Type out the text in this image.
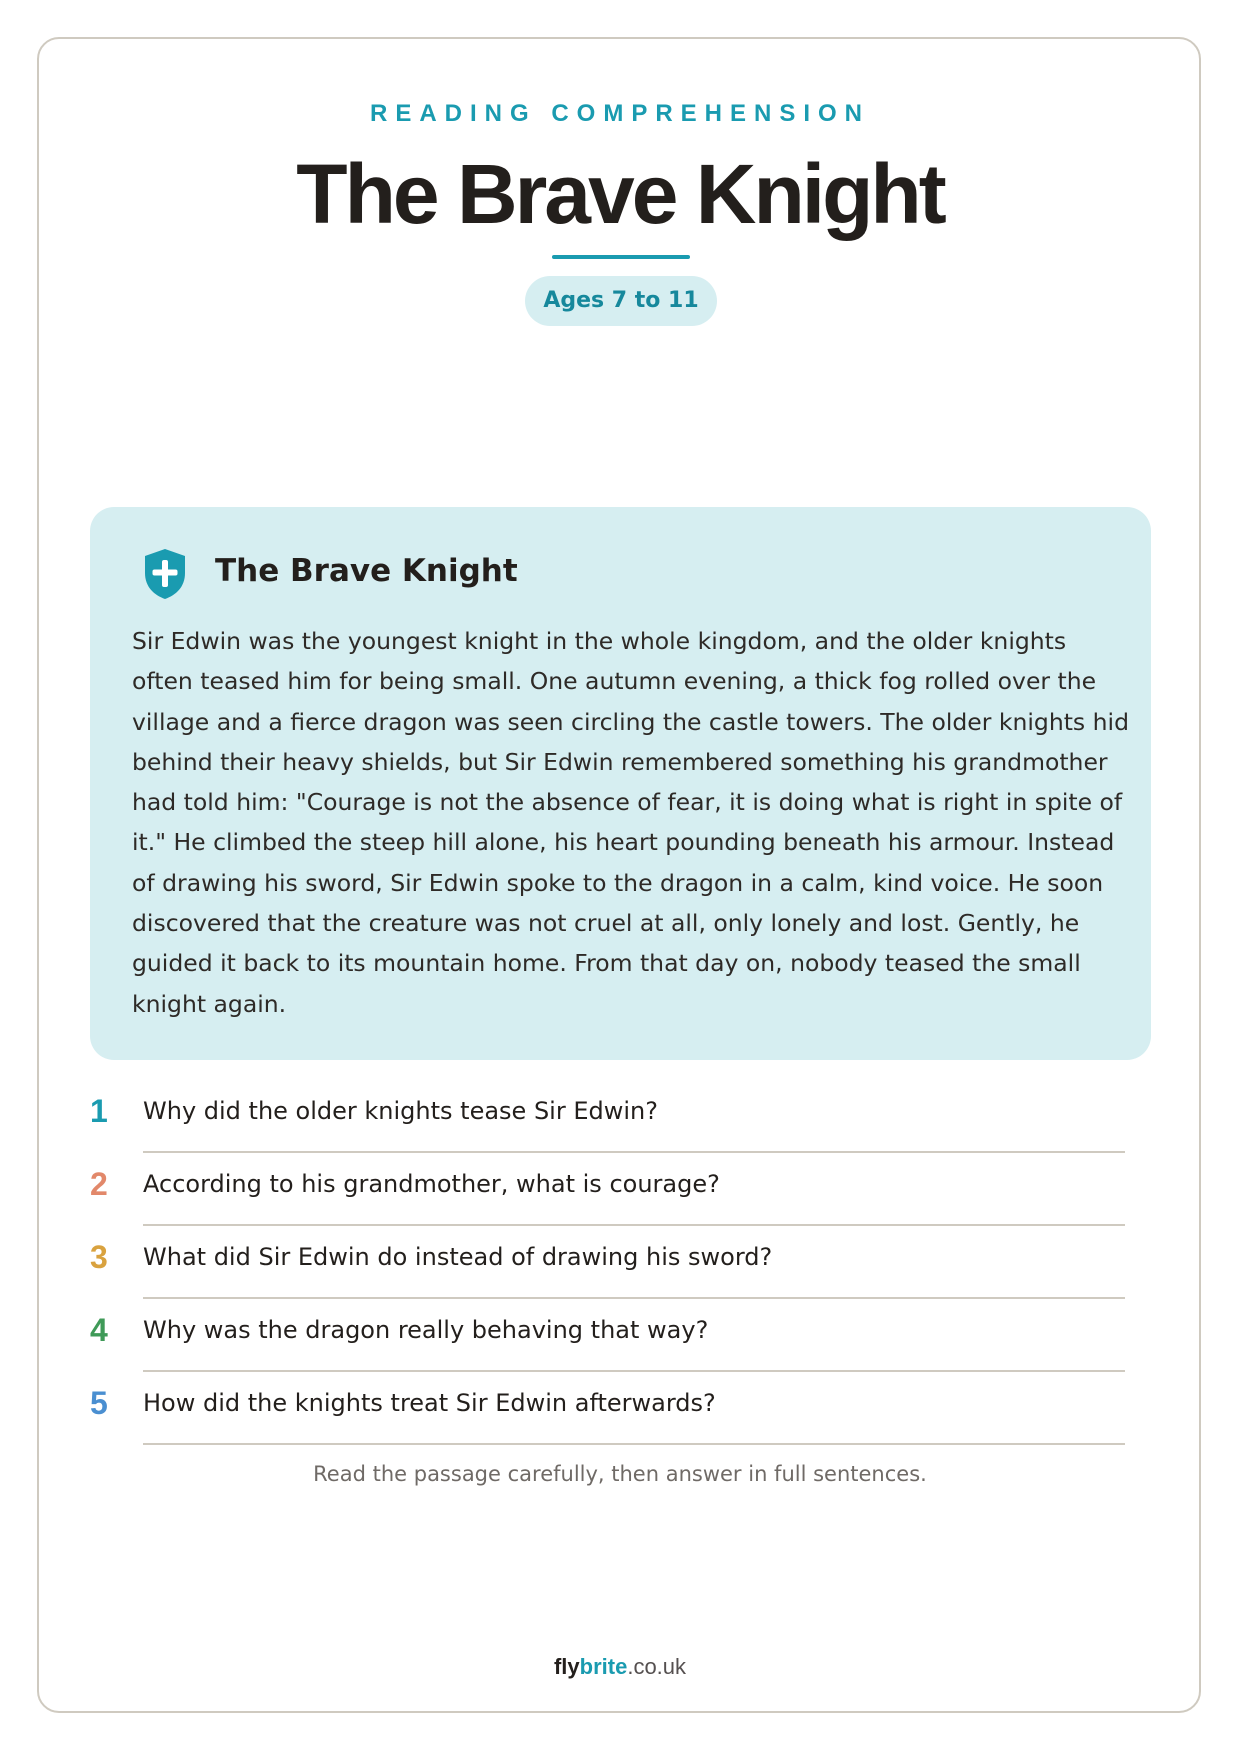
READING COMPREHENSION
The Brave Knight
Ages 7 to 11
The Brave Knight
Sir Edwin was the youngest knight in the whole kingdom, and the older knights often teased him for being small. One autumn evening, a thick fog rolled over the village and a fierce dragon was seen circling the castle towers. The older knights hid behind their heavy shields, but Sir Edwin remembered something his grandmother had told him: "Courage is not the absence of fear, it is doing what is right in spite of it." He climbed the steep hill alone, his heart pounding beneath his armour. Instead of drawing his sword, Sir Edwin spoke to the dragon in a calm, kind voice. He soon discovered that the creature was not cruel at all, only lonely and lost. Gently, he guided it back to its mountain home. From that day on, nobody teased the small knight again.
1	Why did the older knights tease Sir Edwin?
2	According to his grandmother, what is courage?
3	What did Sir Edwin do instead of drawing his sword?
4	Why was the dragon really behaving that way?
5	How did the knights treat Sir Edwin afterwards?
Read the passage carefully, then answer in full sentences.
flybrite.co.uk
